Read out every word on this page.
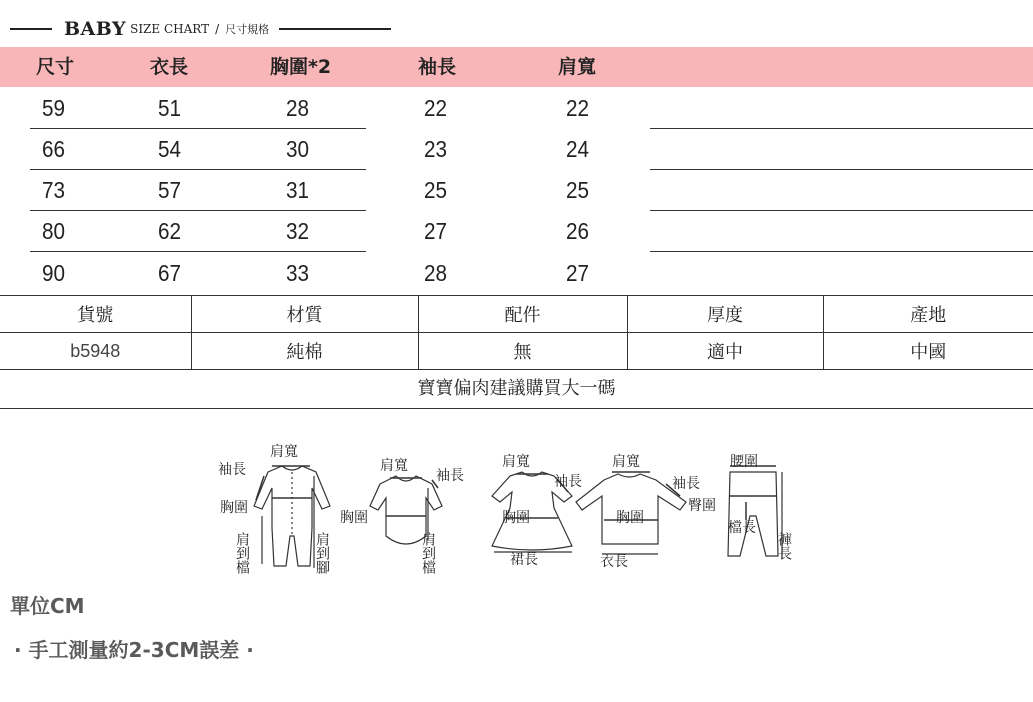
BABY SIZE CHART / 尺寸規格
尺寸	衣長	胸圍*2	袖長	肩寬
59	51	28	22	22
66	54	30	23	24
73	57	31	25	25
80	62	32	27	26
90	67	33	28	27
貨號	材質	配件	厚度	產地
b5948	純棉	無	適中	中國
寶寶偏肉建議購買大一碼
肩寬
袖長
胸圍
肩到檔	肩到腳
肩寬
袖長
胸圍
肩到檔
肩寬
袖長
胸圍
裙長
肩寬
袖長
胸圍
衣長
腰圍
臀圍
檔長
褲長
單位CM
· 手工測量約2-3CM誤差 ·
